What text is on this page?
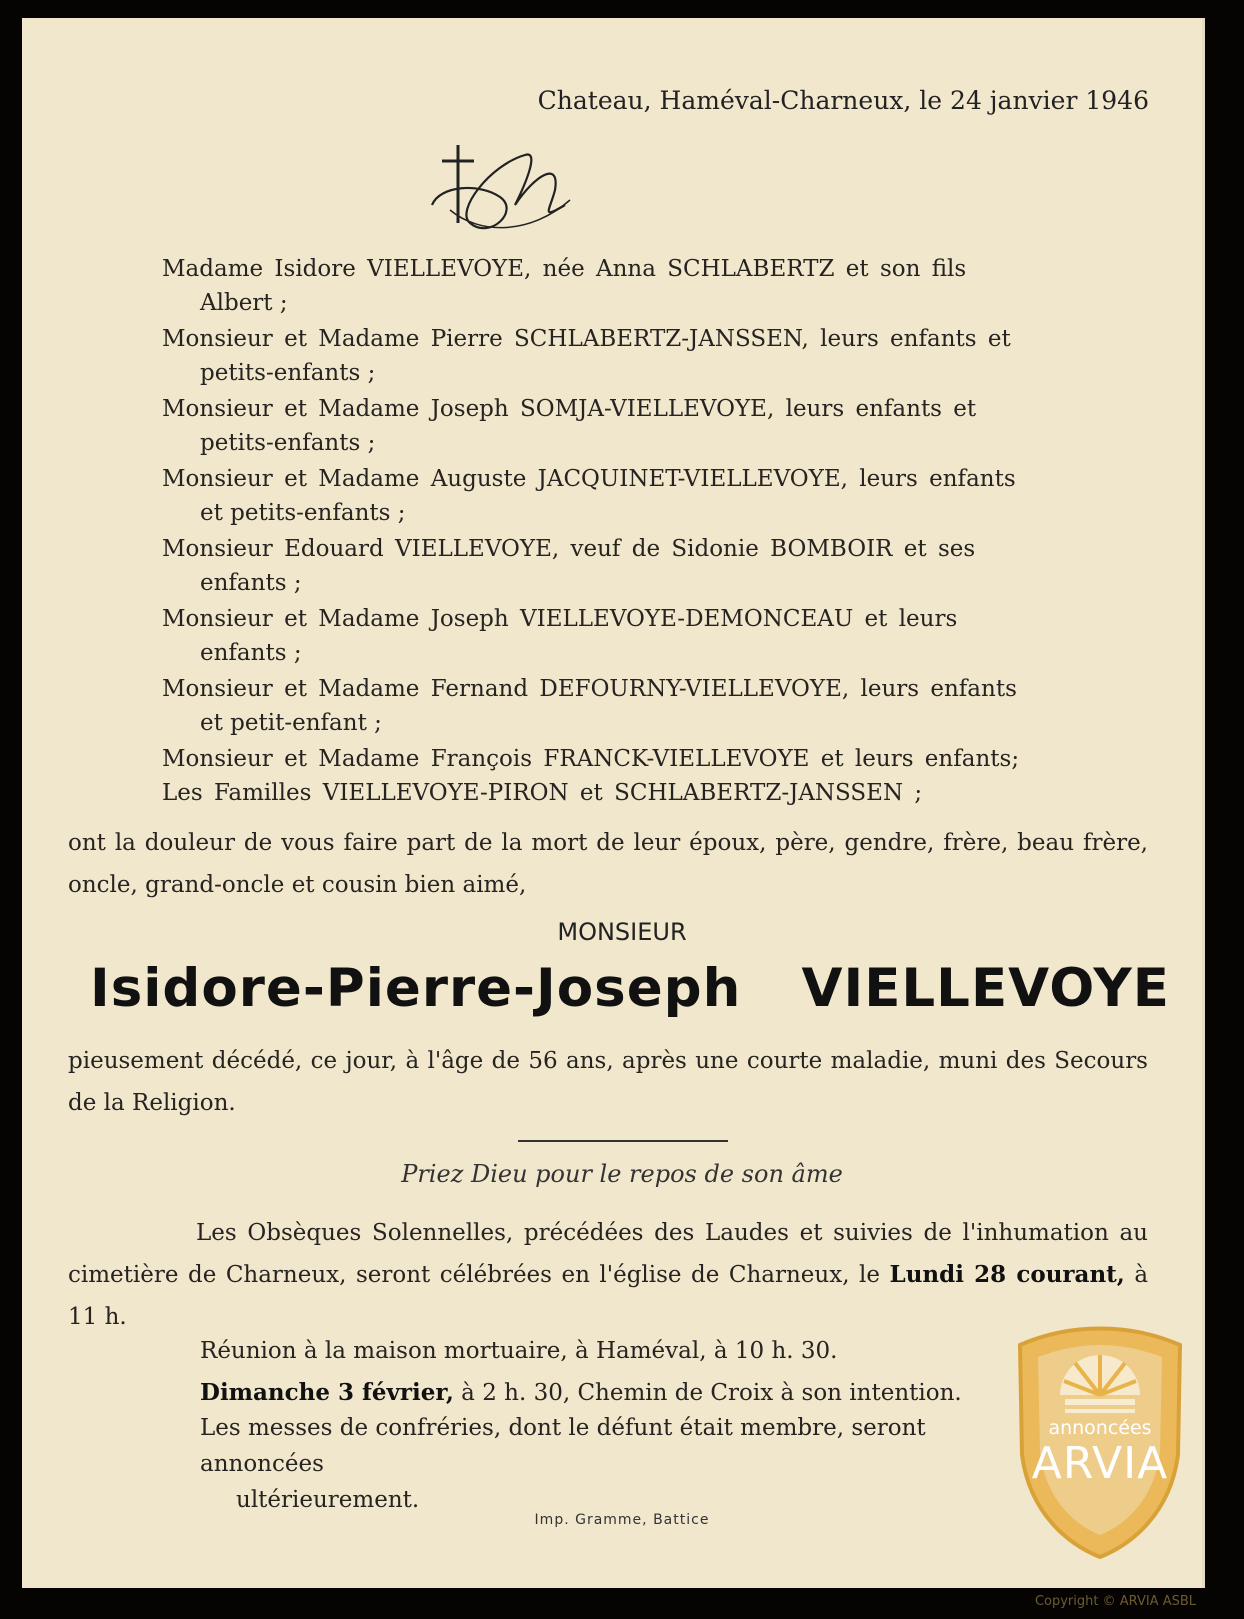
Chateau, Haméval-Charneux, le 24 janvier 1946
Madame Isidore VIELLEVOYE, née Anna SCHLABERTZ et son fils
Albert ;
Monsieur et Madame Pierre SCHLABERTZ-JANSSEN, leurs enfants et
petits-enfants ;
Monsieur et Madame Joseph SOMJA-VIELLEVOYE, leurs enfants et
petits-enfants ;
Monsieur et Madame Auguste JACQUINET-VIELLEVOYE, leurs enfants
et petits-enfants ;
Monsieur Edouard VIELLEVOYE, veuf de Sidonie BOMBOIR et ses
enfants ;
Monsieur et Madame Joseph VIELLEVOYE-DEMONCEAU et leurs
enfants ;
Monsieur et Madame Fernand DEFOURNY-VIELLEVOYE, leurs enfants
et petit-enfant ;
Monsieur et Madame François FRANCK-VIELLEVOYE et leurs enfants;
Les Familles VIELLEVOYE-PIRON et SCHLABERTZ-JANSSEN ;
ont la douleur de vous faire part de la mort de leur époux, père, gendre, frère, beau frère, oncle, grand-oncle et cousin bien aimé,
MONSIEUR
Isidore-Pierre-Joseph VIELLEVOYE
pieusement décédé, ce jour, à l'âge de 56 ans, après une courte maladie, muni des Secours de la Religion.
Priez Dieu pour le repos de son âme
Les Obsèques Solennelles, précédées des Laudes et suivies de l'inhumation au cimetière de Charneux, seront célébrées en l'église de Charneux, le Lundi 28 courant, à 11 h.
Réunion à la maison mortuaire, à Haméval, à 10 h. 30.
Dimanche 3 février, à 2 h. 30, Chemin de Croix à son intention.
Les messes de confréries, dont le défunt était membre, seront annoncées
ultérieurement.
Imp. Gramme, Battice
annoncées
ARVIA
Copyright © ARVIA ASBL
